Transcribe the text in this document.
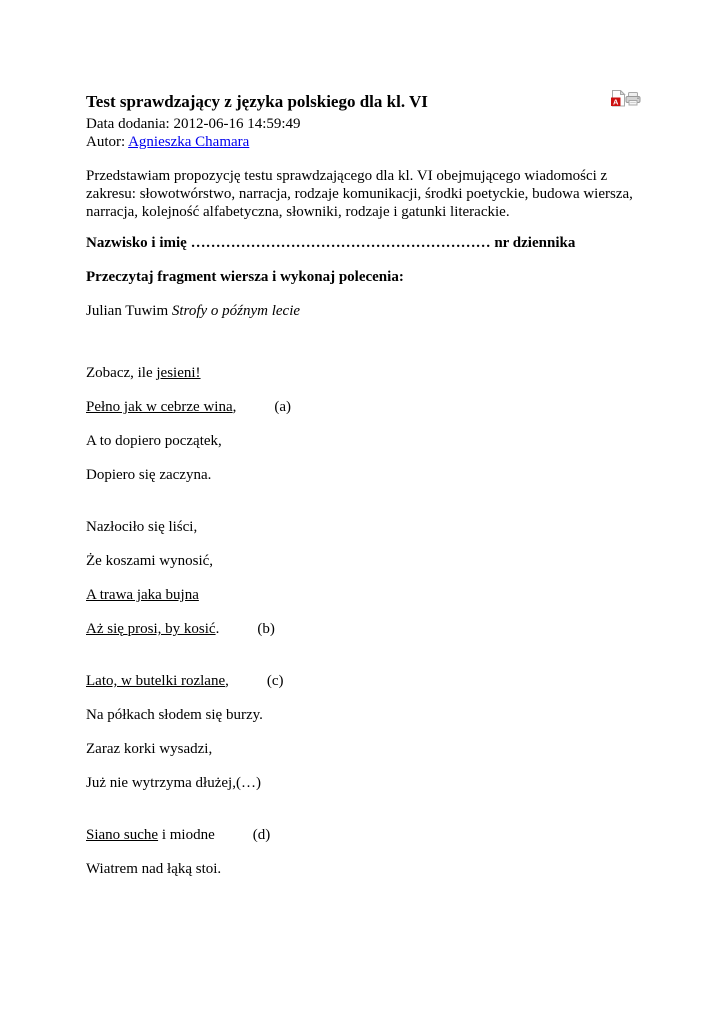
A
Test sprawdzający z języka polskiego dla kl. VI
Data dodania: 2012-06-16 14:59:49
Autor: Agnieszka Chamara

Przedstawiam propozycję testu sprawdzającego dla kl. VI obejmującego wiadomości z zakresu: słowotwórstwo, narracja, rodzaje komunikacji, środki poetyckie, budowa wiersza, narracja, kolejność alfabetyczna, słowniki, rodzaje i gatunki literackie.

Nazwisko i imię …………………………………………………… nr dziennika
Przeczytaj fragment wiersza i wykonaj polecenia:
Julian Tuwim Strofy o późnym lecie
Zobacz, ile jesieni!
Pełno jak w cebrze wina,	(a)
A to dopiero początek,
Dopiero się zaczyna.
Nazłociło się liści,
Że koszami wynosić,
A trawa jaka bujna
Aż się prosi, by kosić.	(b)
Lato, w butelki rozlane,	(c)
Na półkach słodem się burzy.
Zaraz korki wysadzi,
Już nie wytrzyma dłużej,(…)
Siano suche i miodne	(d)
Wiatrem nad łąką stoi.
